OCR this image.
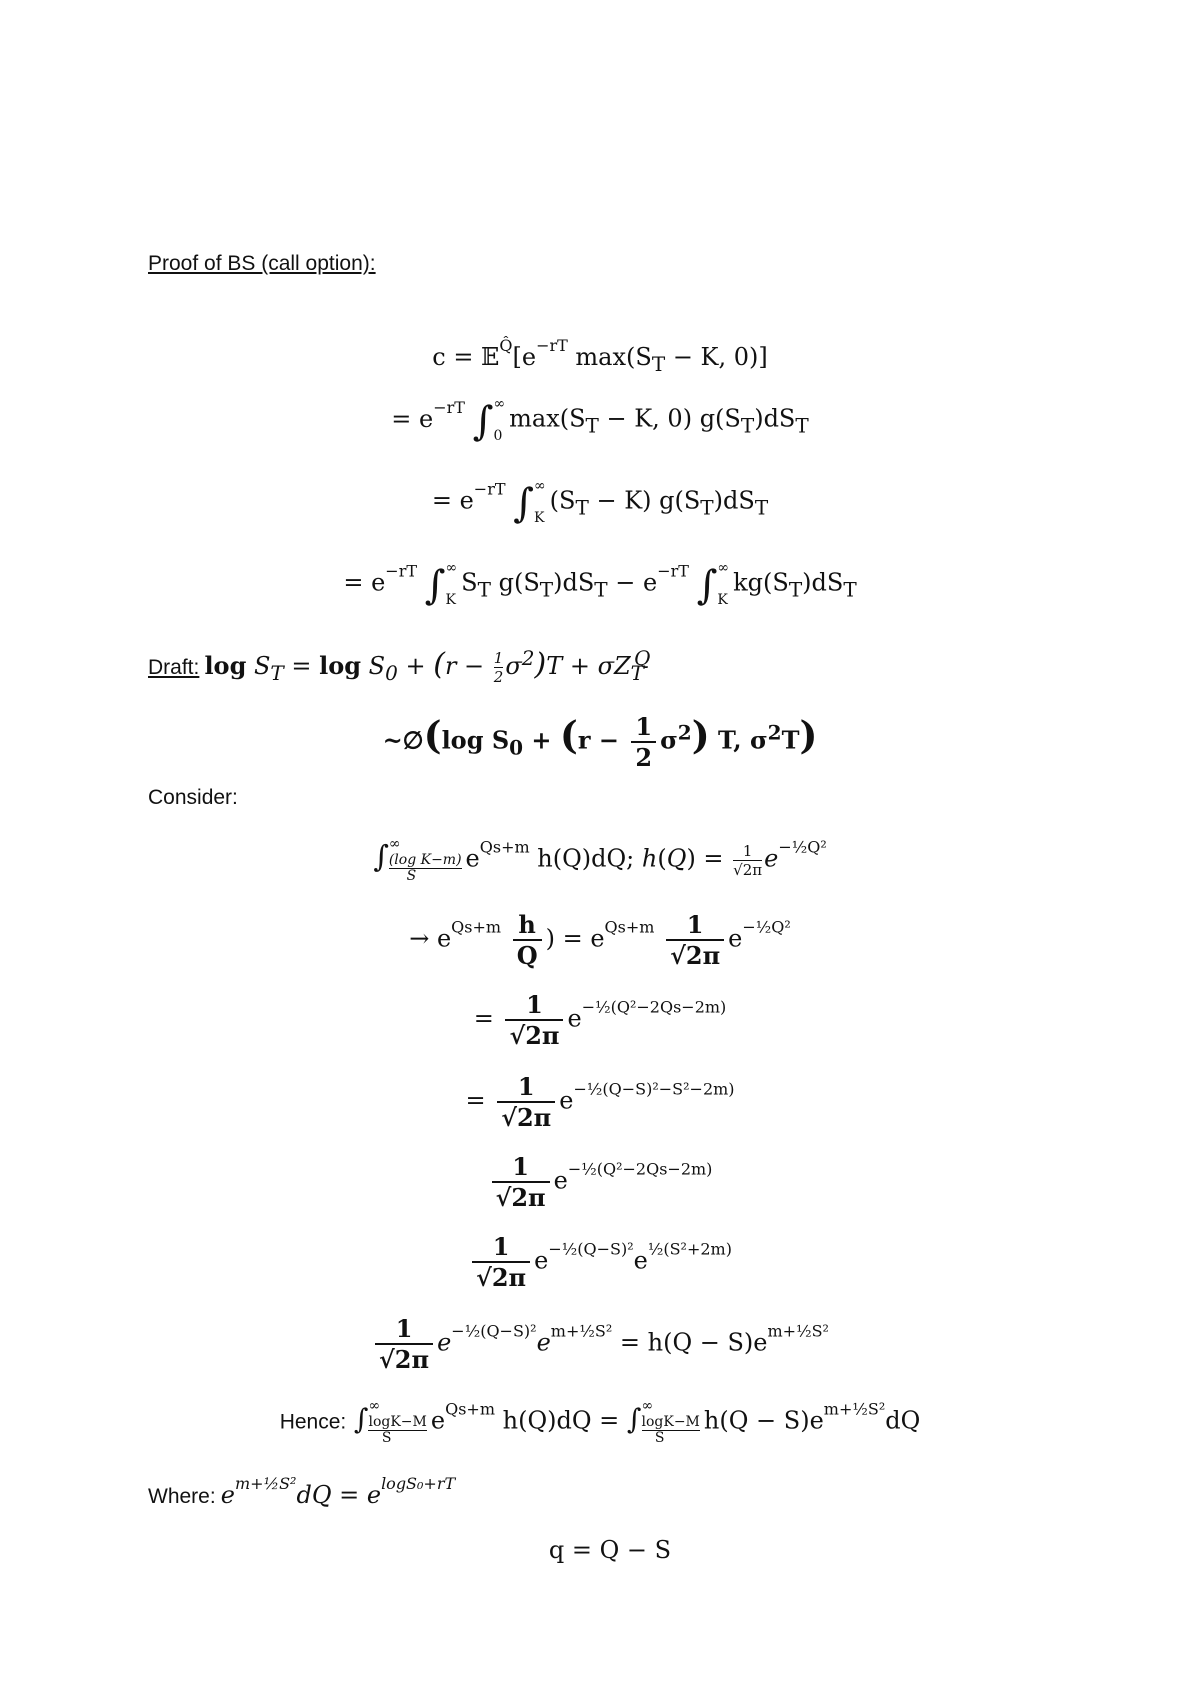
Proof of BS (call option):
$c = 𝔼^{Q̂}[e^{-rT}$ $\max(S_T - K$, 0)]
= $e^{-rT}$ ∫∞

$0\max(S_T - K$, 0) $g(S_T)dS_T$
= $e^{-rT}$ ∫∞

$K(S_T - K)$ $g(S_T)dS_T$
= $e^{-rT}$ ∫∞

$KS_T$ $g(S_T)dS_T - e^{-rT}$ ∫∞

$Kkg(S_T)dS_T$
Draft: $\log S_T = \log S_0 + (r - \frac{1}{2} \sigma^2)T + \sigma Z_T^Q$
~∅(log $S_0 + (r - \frac{1}{2} \sigma^2)$ T, $\sigma^2T$)
Consider:
∫∞
(log K−m)
$Se^{Qs+m}$ h(Q)dQ; $h(Q) = \frac{1}{√2\pi} e^{-\frac{1}{2}Q^2}$
→ $e^{Qs+m} \frac{h}{Q}$ ) = $e^{Qs+m} \frac{1}{√2\pi} e^{-\frac{1}{2}Q^2}$
= $\frac{1}{√2\pi} e^{-\frac{1}{2}(Q^2-2Qs-2m)}$
= $\frac{1}{√2\pi} e^{-\frac{1}{2}(Q-S)^2-S^2-2m)}$
$\frac{1}{√2\pi} e^{-\frac{1}{2}(Q^2-2Qs-2m)}$
$\frac{1}{√2\pi} e^{-\frac{1}{2}(Q-S)^2}e^{\frac{1}{2}(S^2+2m)}$
$\frac{1}{√2\pi} e^{-\frac{1}{2}(Q-S)^2}e^{m+\frac{1}{2}S^2} = h(Q - S)e^{m+\frac{1}{2}S^2}$
Hence: ∫∞
logK−M
$Se^{Qs+m}$ h(Q)dQ = ∫∞
logK−M
$Sh(Q - S)e^{m+\frac{1}{2}S^2}dQ$
Where: $e^{m+\frac{1}{2}S^2}dQ = e^{logS_0+rT}$
q = Q − S
